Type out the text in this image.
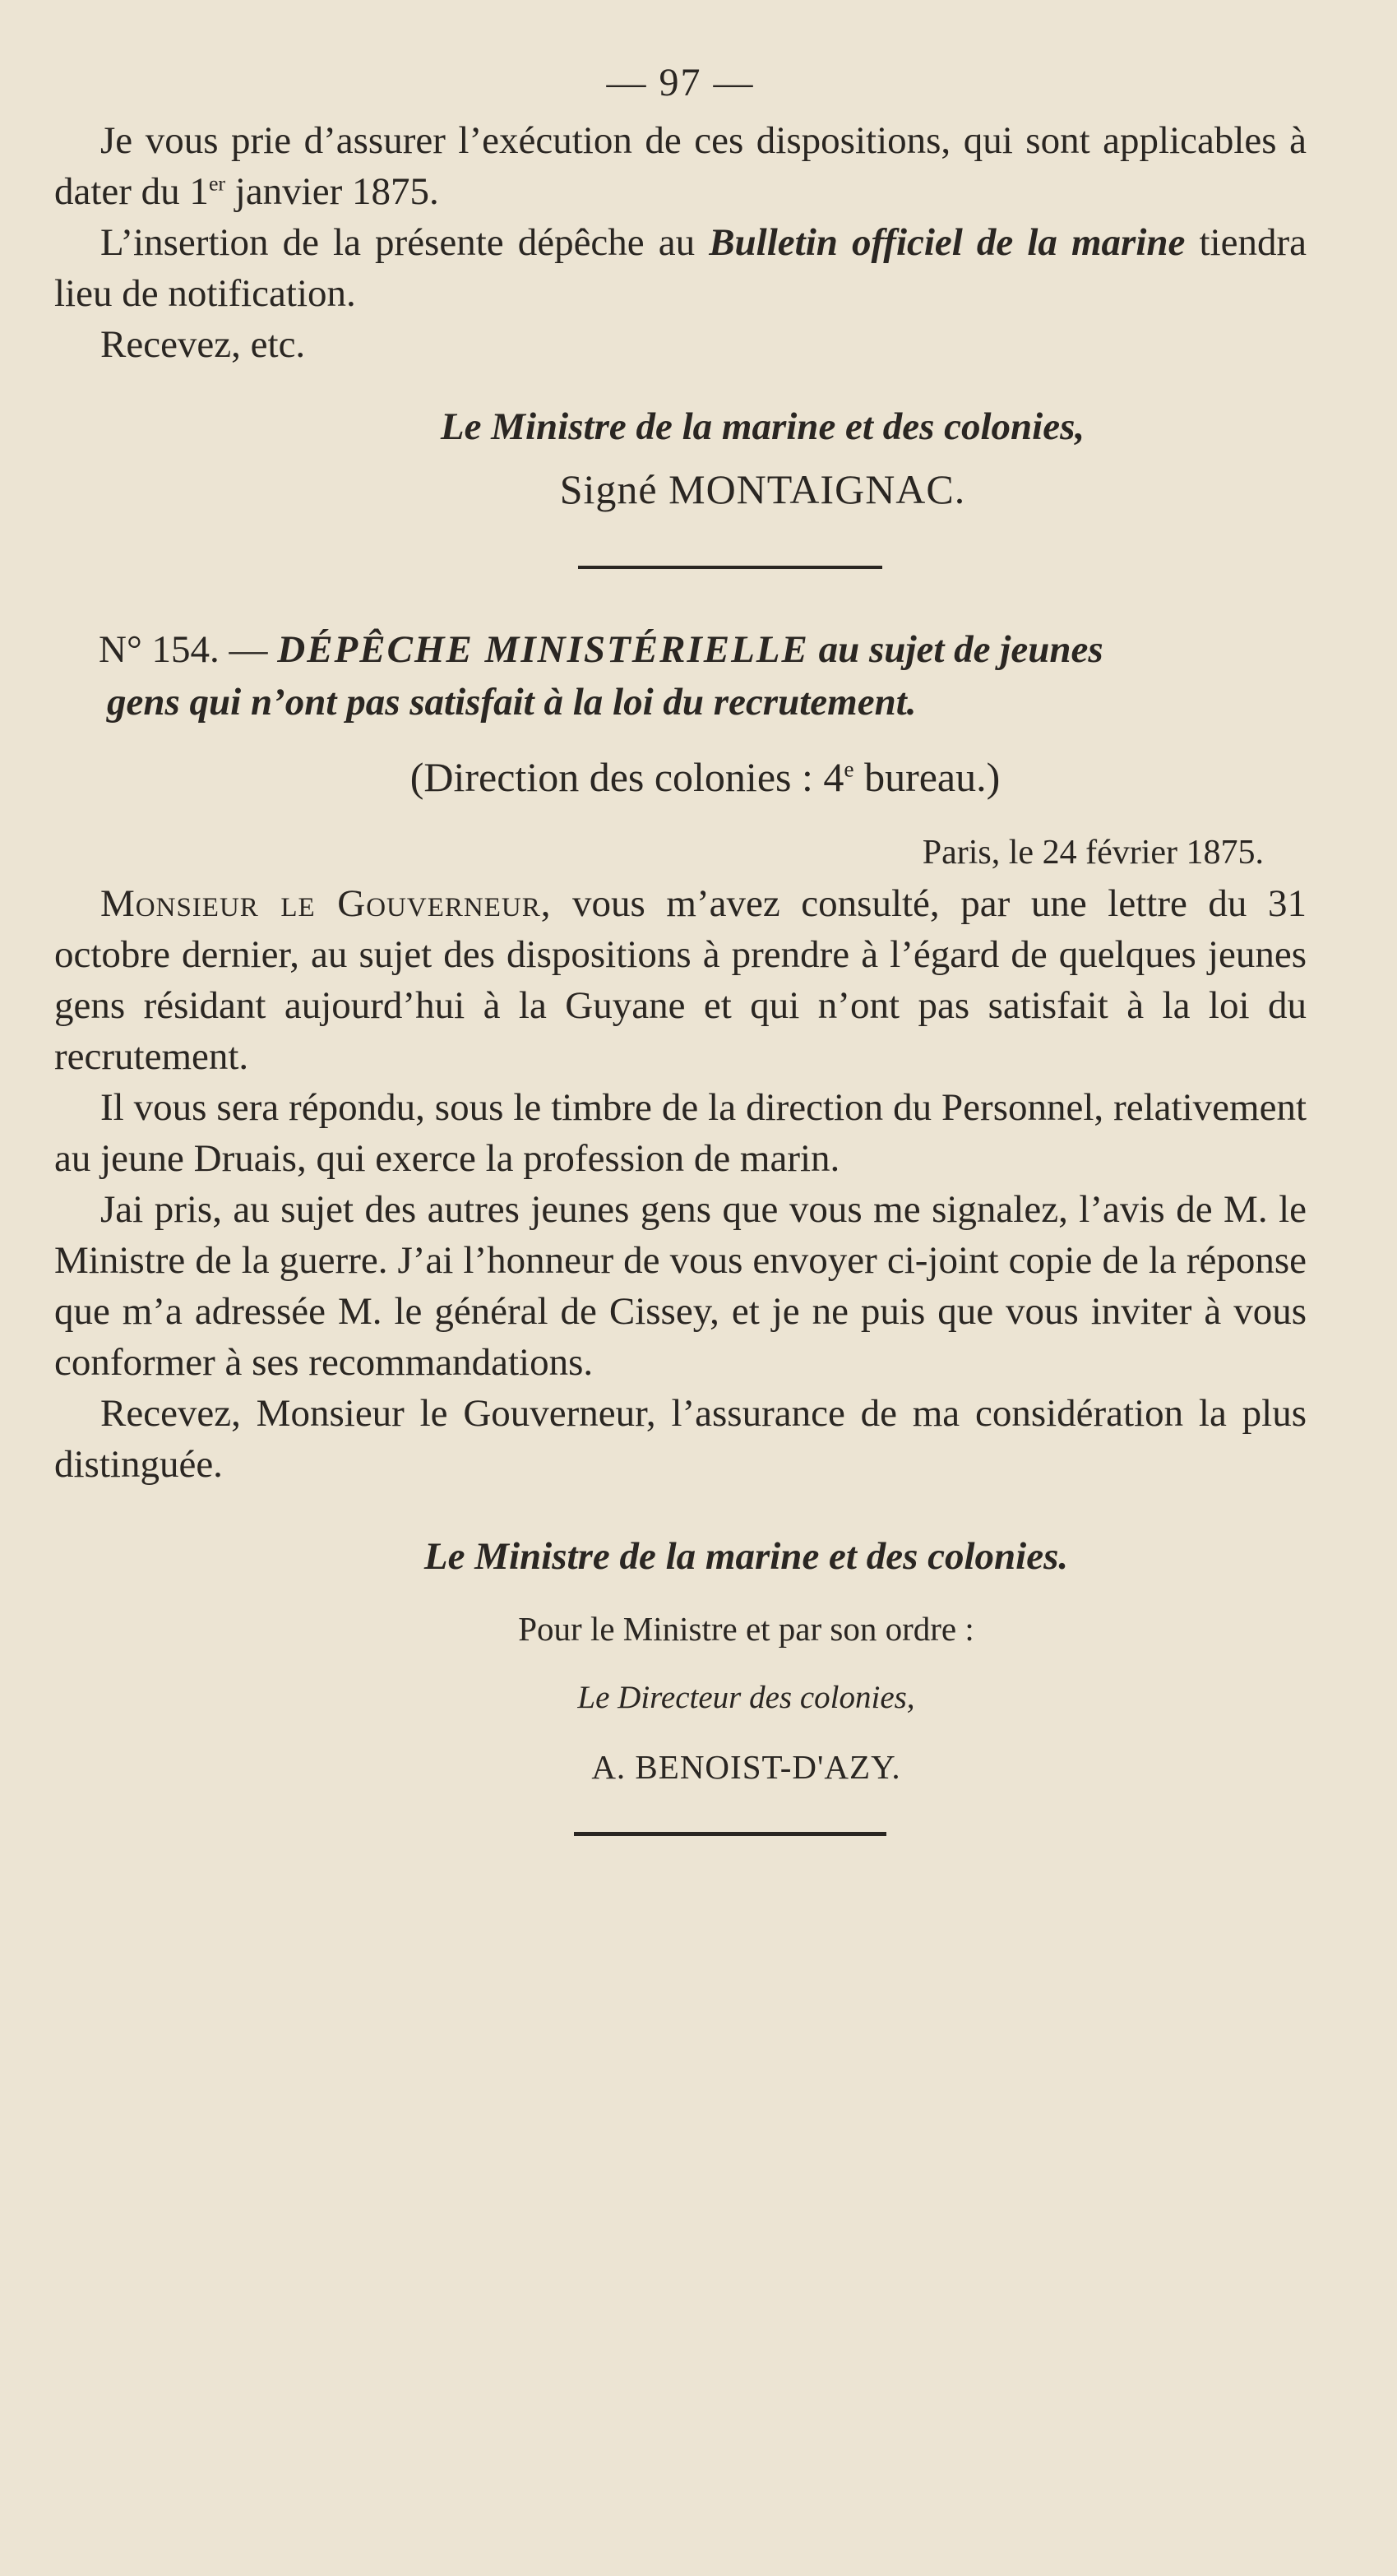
— 97 —

Je vous prie d’assurer l’exécution de ces dispositions, qui sont applicables à dater du 1er janvier 1875.

L’insertion de la présente dépêche au Bulletin officiel de la marine tiendra lieu de notification.

Recevez, etc.

Le Ministre de la marine et des colonies,
Signé MONTAIGNAC.
N° 154. — DÉPÊCHE MINISTÉRIELLE au sujet de jeunes
gens qui n’ont pas satisfait à la loi du recrutement.
(Direction des colonies : 4e bureau.)
Paris, le 24 février 1875.

Monsieur le Gouverneur, vous m’avez consulté, par une lettre du 31 octobre dernier, au sujet des dispositions à prendre à l’égard de quelques jeunes gens résidant aujourd’hui à la Guyane et qui n’ont pas satisfait à la loi du recrutement.

Il vous sera répondu, sous le timbre de la direction du Personnel, relativement au jeune Druais, qui exerce la profession de marin.

Jai pris, au sujet des autres jeunes gens que vous me signalez, l’avis de M. le Ministre de la guerre. J’ai l’honneur de vous envoyer ci-joint copie de la réponse que m’a adressée M. le général de Cissey, et je ne puis que vous inviter à vous conformer à ses recommandations.

Recevez, Monsieur le Gouverneur, l’assurance de ma considération la plus distinguée.

Le Ministre de la marine et des colonies.
Pour le Ministre et par son ordre :
Le Directeur des colonies,
A. BENOIST-D'AZY.
